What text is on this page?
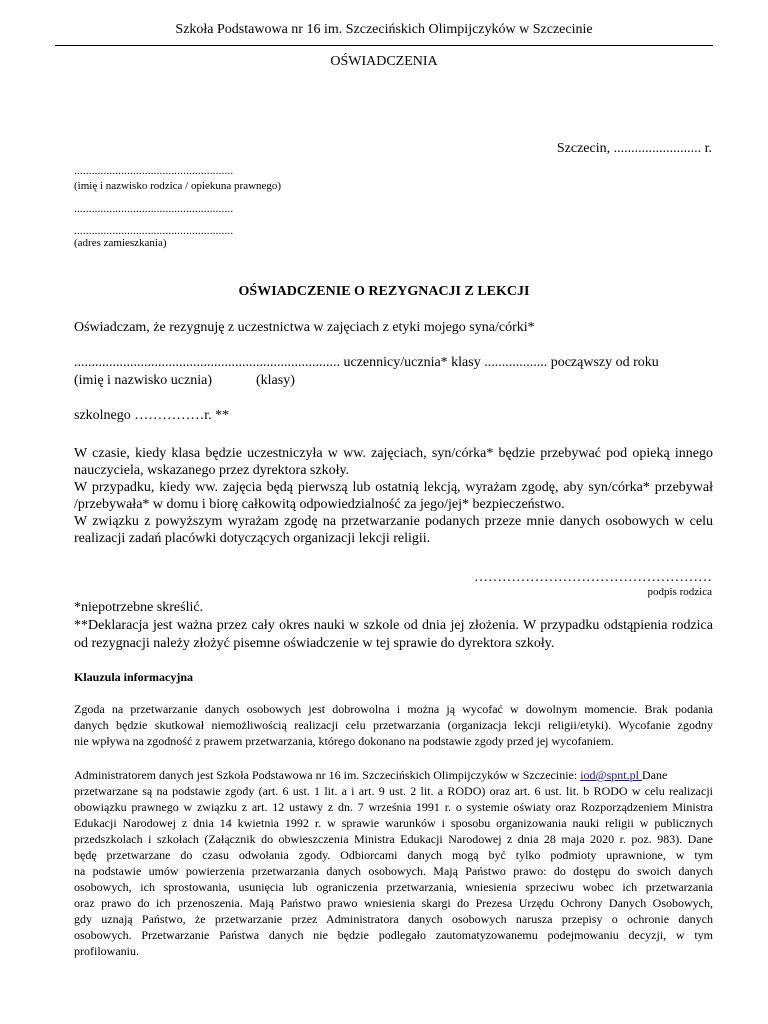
Szkoła Podstawowa nr 16 im. Szczecińskich Olimpijczyków w Szczecinie
OŚWIADCZENIA
Szczecin, ......................... r.
......................................................
(imię i nazwisko rodzica / opiekuna prawnego)
......................................................
......................................................
(adres zamieszkania)
OŚWIADCZENIE O REZYGNACJI Z LEKCJI
Oświadczam, że rezygnuję z uczestnictwa w zajęciach z etyki mojego syna/córki*
............................................................................ uczennicy/ucznia* klasy .................. począwszy od roku
(imię i nazwisko ucznia)	(klasy)
szkolnego ……………r. **
W czasie, kiedy klasa będzie uczestniczyła w ww. zajęciach, syn/córka* będzie przebywać pod opieką innego
nauczyciela, wskazanego przez dyrektora szkoły.
W przypadku, kiedy ww. zajęcia będą pierwszą lub ostatnią lekcją, wyrażam zgodę, aby syn/córka* przebywał
/przebywała* w domu i biorę całkowitą odpowiedzialność za jego/jej* bezpieczeństwo.
W związku z powyższym wyrażam zgodę na przetwarzanie podanych przeze mnie danych osobowych w celu
realizacji zadań placówki dotyczących organizacji lekcji religii.
……………………………………………
podpis rodzica
*niepotrzebne skreślić.
**Deklaracja jest ważna przez cały okres nauki w szkole od dnia jej złożenia. W przypadku odstąpienia rodzica
od rezygnacji należy złożyć pisemne oświadczenie w tej sprawie do dyrektora szkoły.
Klauzula informacyjna
Zgoda na przetwarzanie danych osobowych jest dobrowolna i można ją wycofać w dowolnym momencie. Brak podania
danych będzie skutkował niemożliwością realizacji celu przetwarzania (organizacja lekcji religii/etyki). Wycofanie zgodny
nie wpływa na zgodność z prawem przetwarzania, którego dokonano na podstawie zgody przed jej wycofaniem.
Administratorem danych jest Szkoła Podstawowa nr 16 im. Szczecińskich Olimpijczyków w Szczecinie: iod@spnt.pl Dane
przetwarzane są na podstawie zgody (art. 6 ust. 1 lit. a i art. 9 ust. 2 lit. a RODO) oraz art. 6 ust. lit. b RODO w celu realizacji
obowiązku prawnego w związku z art. 12 ustawy z dn. 7 września 1991 r. o systemie oświaty oraz Rozporządzeniem Ministra
Edukacji Narodowej z dnia 14 kwietnia 1992 r. w sprawie warunków i sposobu organizowania nauki religii w publicznych
przedszkolach i szkołach (Załącznik do obwieszczenia Ministra Edukacji Narodowej z dnia 28 maja 2020 r. poz. 983). Dane
będę przetwarzane do czasu odwołania zgody. Odbiorcami danych mogą być tylko podmioty uprawnione, w tym
na podstawie umów powierzenia przetwarzania danych osobowych. Mają Państwo prawo: do dostępu do swoich danych
osobowych, ich sprostowania, usunięcia lub ograniczenia przetwarzania, wniesienia sprzeciwu wobec ich przetwarzania
oraz prawo do ich przenoszenia. Mają Państwo prawo wniesienia skargi do Prezesa Urzędu Ochrony Danych Osobowych,
gdy uznają Państwo, że przetwarzanie przez Administratora danych osobowych narusza przepisy o ochronie danych
osobowych. Przetwarzanie Państwa danych nie będzie podlegało zautomatyzowanemu podejmowaniu decyzji, w tym
profilowaniu.
